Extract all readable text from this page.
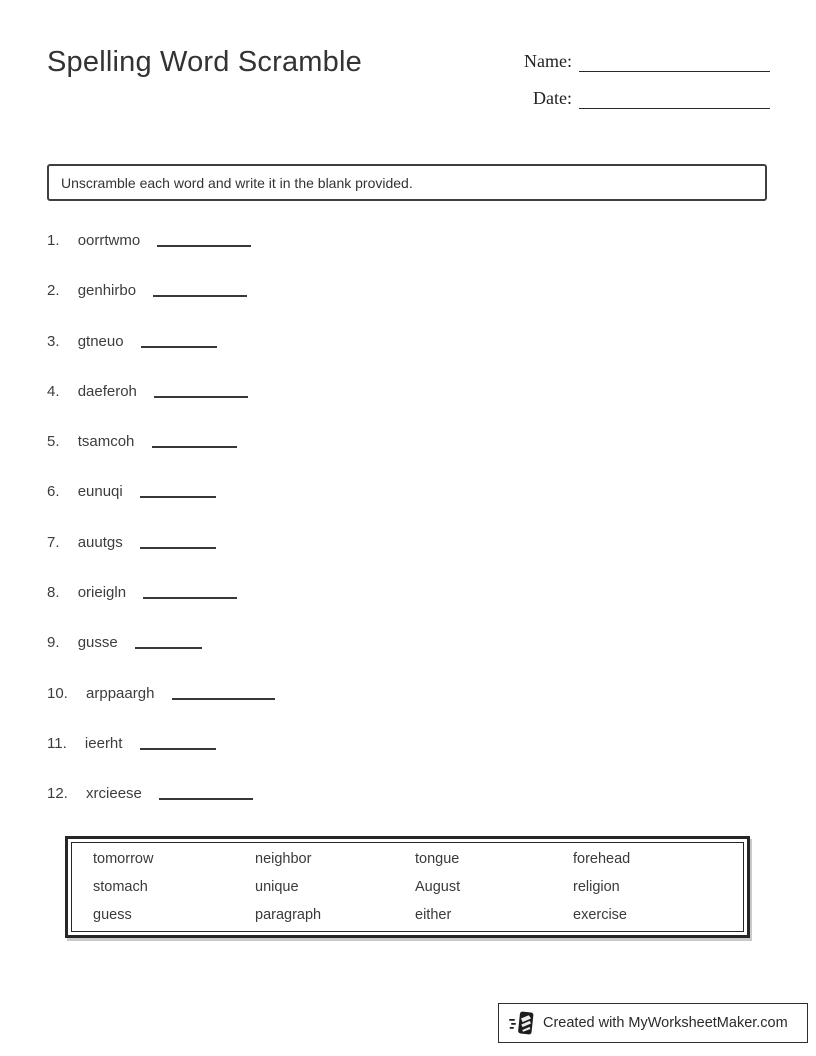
Spelling Word Scramble	Name:
Date:
Unscramble each word and write it in the blank provided.
1. oorrtwmo
2. genhirbo
3. gtneuo
4. daeferoh
5. tsamcoh
6. eunuqi
7. auutgs
8. orieigln
9. gusse
10. arppaargh
11. ieerht
12. xrcieese
tomorrow	neighbor	tongue	forehead
stomach	unique	August	religion
guess	paragraph	either	exercise
Created with MyWorksheetMaker.com
